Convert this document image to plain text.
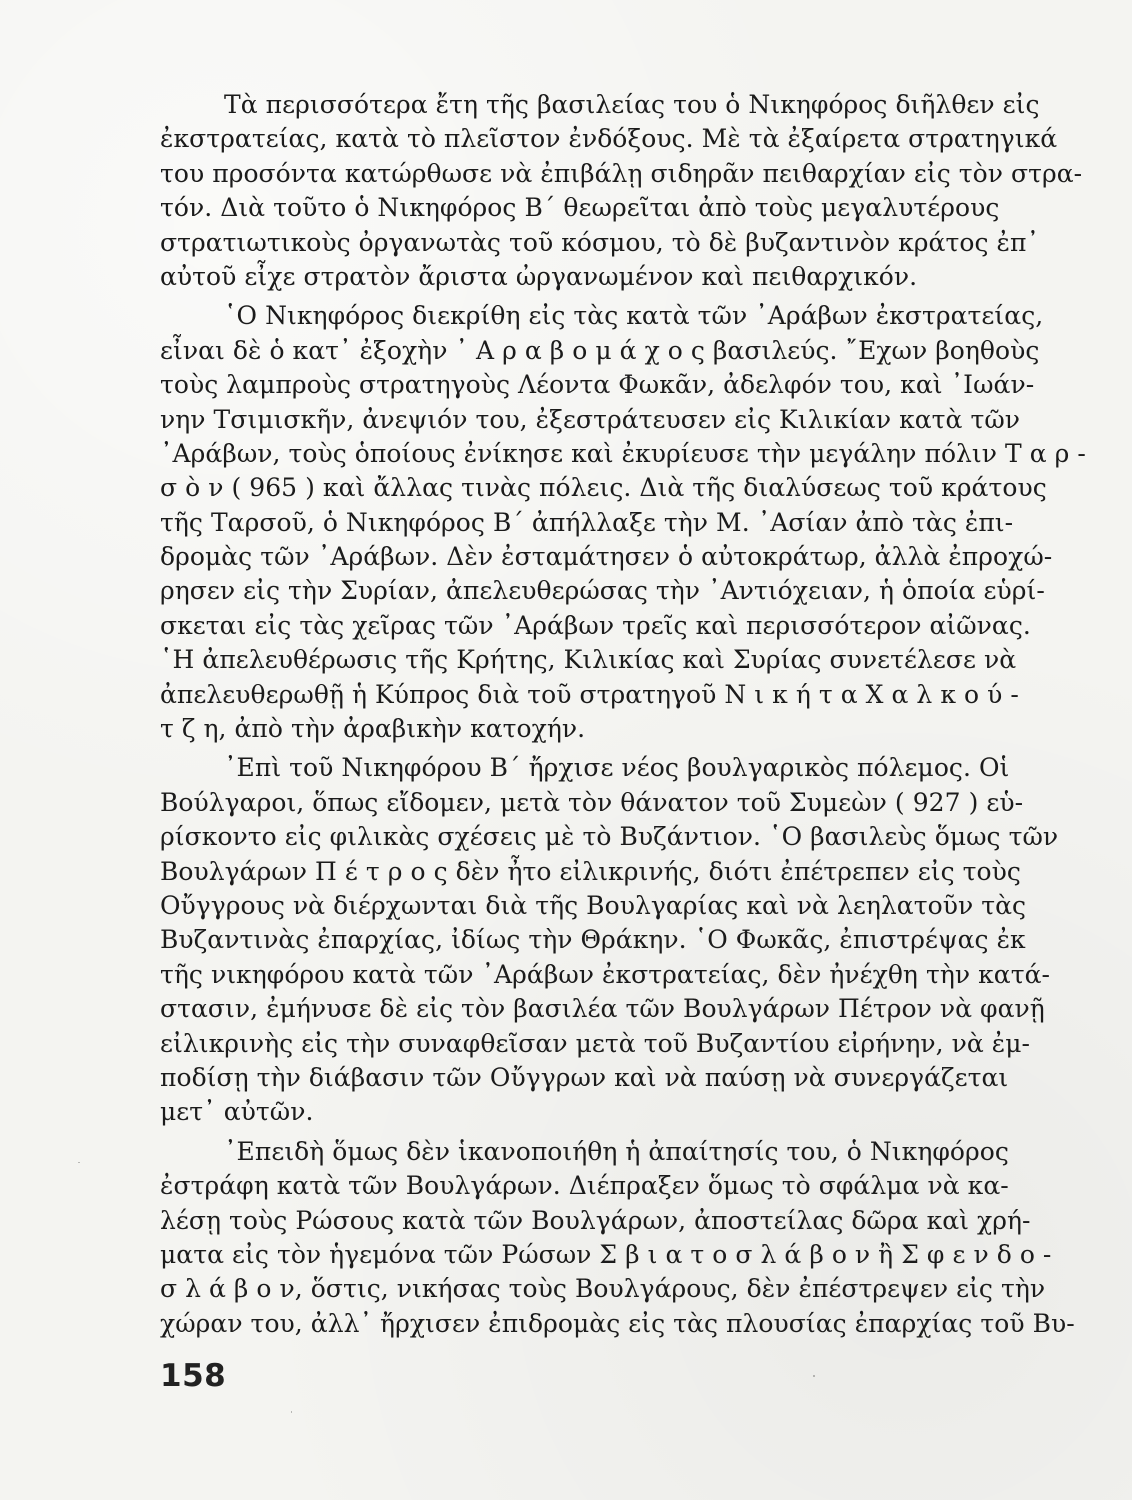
Τὰ περισσότερα ἔτη τῆς βασιλείας του ὁ Νικηφόρος διῆλθεν εἰς
ἐκστρατείας, κατὰ τὸ πλεῖστον ἐνδόξους. Μὲ τὰ ἐξαίρετα στρατηγικά
του προσόντα κατώρθωσε νὰ ἐπιβάλῃ σιδηρᾶν πειθαρχίαν εἰς τὸν στρα-
τόν. Διὰ τοῦτο ὁ Νικηφόρος Β΄ θεωρεῖται ἀπὸ τοὺς μεγαλυτέρους
στρατιωτικοὺς ὀργανωτὰς τοῦ κόσμου, τὸ δὲ βυζαντινὸν κράτος ἐπ᾽
αὐτοῦ εἶχε στρατὸν ἄριστα ὠργανωμένον καὶ πειθαρχικόν.
῾Ο Νικηφόρος διεκρίθη εἰς τὰς κατὰ τῶν ᾽Αράβων ἐκστρατείας,
εἶναι δὲ ὁ κατ᾽ ἐξοχὴν ᾽ Α ρ α β ο μ ά χ ο ς βασιλεύς. ῎Εχων βοηθοὺς
τοὺς λαμπροὺς στρατηγοὺς Λέοντα Φωκᾶν, ἀδελφόν του, καὶ ᾽Ιωάν-
νην Τσιμισκῆν, ἀνεψιόν του, ἐξεστράτευσεν εἰς Κιλικίαν κατὰ τῶν
᾽Αράβων, τοὺς ὁποίους ἐνίκησε καὶ ἐκυρίευσε τὴν μεγάλην πόλιν Τ α ρ -
σ ὸ ν ( 965 ) καὶ ἄλλας τινὰς πόλεις. Διὰ τῆς διαλύσεως τοῦ κράτους
τῆς Ταρσοῦ, ὁ Νικηφόρος Β΄ ἀπήλλαξε τὴν Μ. ᾽Ασίαν ἀπὸ τὰς ἐπι-
δρομὰς τῶν ᾽Αράβων. Δὲν ἐσταμάτησεν ὁ αὐτοκράτωρ, ἀλλὰ ἐπροχώ-
ρησεν εἰς τὴν Συρίαν, ἀπελευθερώσας τὴν ᾽Αντιόχειαν, ἡ ὁποία εὑρί-
σκεται εἰς τὰς χεῖρας τῶν ᾽Αράβων τρεῖς καὶ περισσότερον αἰῶνας.
῾Η ἀπελευθέρωσις τῆς Κρήτης, Κιλικίας καὶ Συρίας συνετέλεσε νὰ
ἀπελευθερωθῇ ἡ Κύπρος διὰ τοῦ στρατηγοῦ Ν ι κ ή τ α Χ α λ κ ο ύ -
τ ζ η, ἀπὸ τὴν ἀραβικὴν κατοχήν.
᾽Επὶ τοῦ Νικηφόρου Β΄ ἤρχισε νέος βουλγαρικὸς πόλεμος. Οἱ
Βούλγαροι, ὅπως εἴδομεν, μετὰ τὸν θάνατον τοῦ Συμεὼν ( 927 ) εὑ-
ρίσκοντο εἰς φιλικὰς σχέσεις μὲ τὸ Βυζάντιον. ῾Ο βασιλεὺς ὅμως τῶν
Βουλγάρων Π έ τ ρ ο ς δὲν ἦτο εἰλικρινής, διότι ἐπέτρεπεν εἰς τοὺς
Οὔγγρους νὰ διέρχωνται διὰ τῆς Βουλγαρίας καὶ νὰ λεηλατοῦν τὰς
Βυζαντινὰς ἐπαρχίας, ἰδίως τὴν Θράκην. ῾Ο Φωκᾶς, ἐπιστρέψας ἐκ
τῆς νικηφόρου κατὰ τῶν ᾽Αράβων ἐκστρατείας, δὲν ἠνέχθη τὴν κατά-
στασιν, ἐμήνυσε δὲ εἰς τὸν βασιλέα τῶν Βουλγάρων Πέτρον νὰ φανῇ
εἰλικρινὴς εἰς τὴν συναφθεῖσαν μετὰ τοῦ Βυζαντίου εἰρήνην, νὰ ἐμ-
ποδίσῃ τὴν διάβασιν τῶν Οὔγγρων καὶ νὰ παύσῃ νὰ συνεργάζεται
μετ᾽ αὐτῶν.
᾽Επειδὴ ὅμως δὲν ἱκανοποιήθη ἡ ἀπαίτησίς του, ὁ Νικηφόρος
ἐστράφη κατὰ τῶν Βουλγάρων. Διέπραξεν ὅμως τὸ σφάλμα νὰ κα-
λέσῃ τοὺς Ρώσους κατὰ τῶν Βουλγάρων, ἀποστείλας δῶρα καὶ χρή-
ματα εἰς τὸν ἡγεμόνα τῶν Ρώσων Σ β ι α τ ο σ λ ά β ο ν ἢ Σ φ ε ν δ ο -
σ λ ά β ο ν, ὅστις, νικήσας τοὺς Βουλγάρους, δὲν ἐπέστρεψεν εἰς τὴν
χώραν του, ἀλλ᾽ ἤρχισεν ἐπιδρομὰς εἰς τὰς πλουσίας ἐπαρχίας τοῦ Βυ-
158
